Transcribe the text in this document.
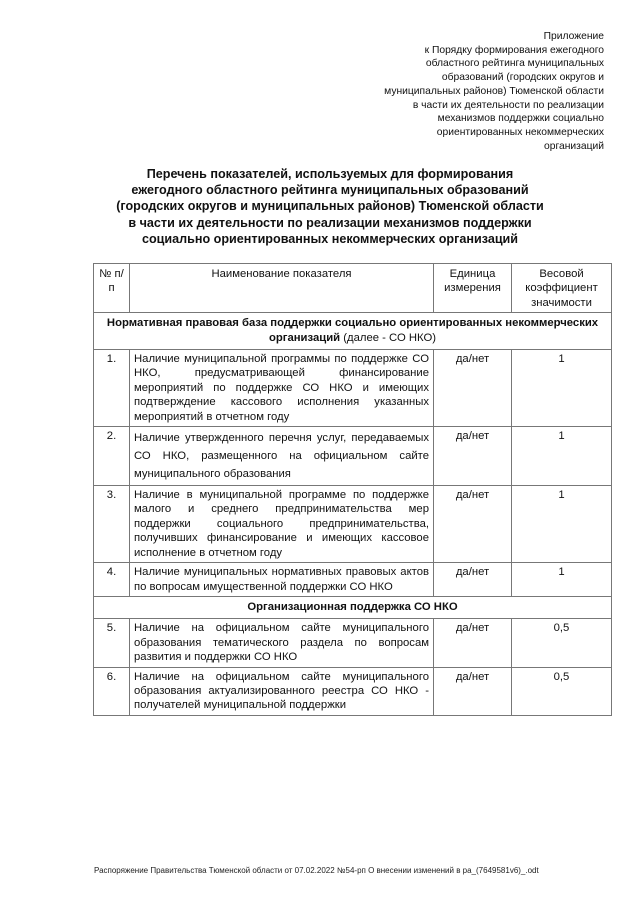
Приложение
к Порядку формирования ежегодного
областного рейтинга муниципальных
образований (городских округов и
муниципальных районов) Тюменской области
в части их деятельности по реализации
механизмов поддержки социально
ориентированных некоммерческих
организаций
Перечень показателей, используемых для формирования
ежегодного областного рейтинга муниципальных образований
(городских округов и муниципальных районов) Тюменской области
в части их деятельности по реализации механизмов поддержки
социально ориентированных некоммерческих организаций
№ п/п	Наименование показателя	Единица измерения	Весовой коэффициент значимости
Нормативная правовая база поддержки социально ориентированных некоммерческих организаций (далее - СО НКО)			
1.	Наличие муниципальной программы по поддержке СО НКО, предусматривающей финансирование мероприятий по поддержке СО НКО и имеющих подтверждение кассового исполнения указанных мероприятий в отчетном году	да/нет	1
2.	Наличие утвержденного перечня услуг, передаваемых СО НКО, размещенного на официальном сайте муниципального образования	да/нет	1
3.	Наличие в муниципальной программе по поддержке малого и среднего предпринимательства мер поддержки социального предпринимательства, получивших финансирование и имеющих кассовое исполнение в отчетном году	да/нет	1
4.	Наличие муниципальных нормативных правовых актов по вопросам имущественной поддержки СО НКО	да/нет	1
Организационная поддержка СО НКО			
5.	Наличие на официальном сайте муниципального образования тематического раздела по вопросам развития и поддержки СО НКО	да/нет	0,5
6.	Наличие на официальном сайте муниципального образования актуализированного реестра СО НКО - получателей муниципальной поддержки	да/нет	0,5
Распоряжение Правительства Тюменской области от 07.02.2022 №54-рп О внесении изменений в ра_(7649581v6)_.odt
